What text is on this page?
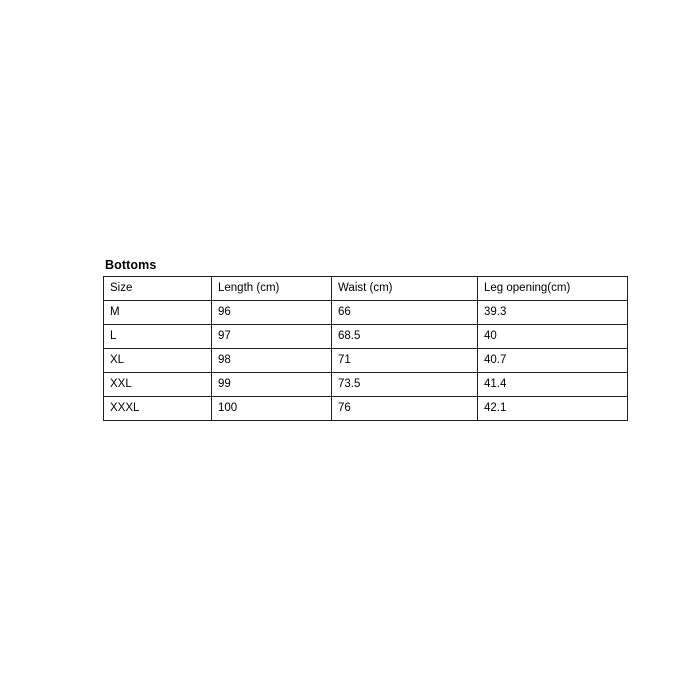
Bottoms
Size	Length (cm)	Waist (cm)	Leg opening(cm)
M	96	66	39.3
L	97	68.5	40
XL	98	71	40.7
XXL	99	73.5	41.4
XXXL	100	76	42.1
